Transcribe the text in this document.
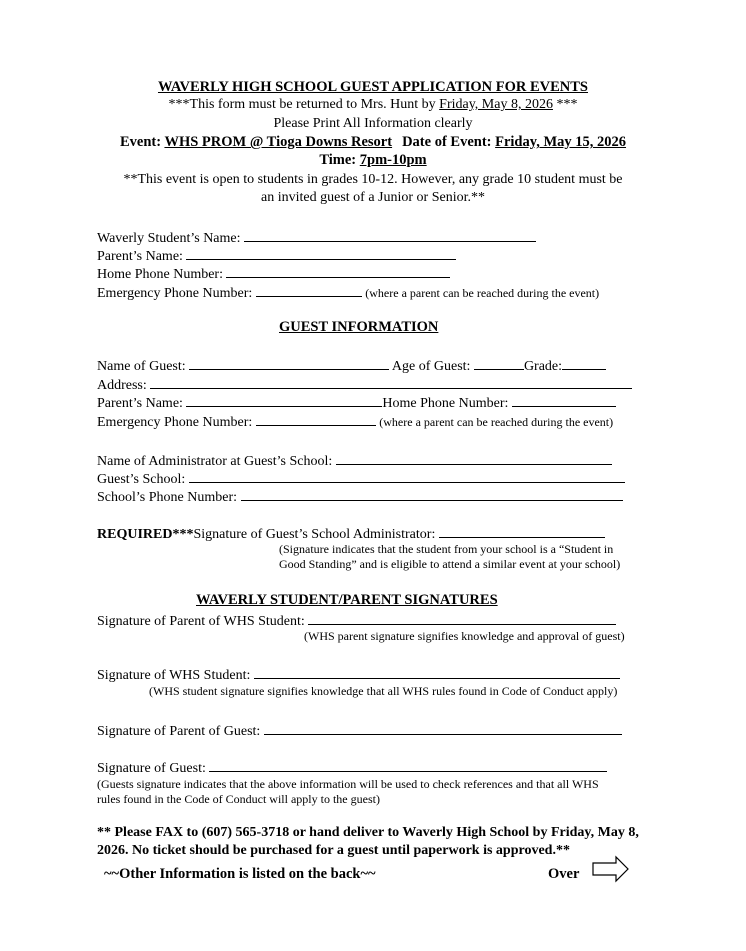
WAVERLY HIGH SCHOOL GUEST APPLICATION FOR EVENTS
***This form must be returned to Mrs. Hunt by Friday, May 8, 2026 ***
Please Print All Information clearly
Event: WHS PROM @ Tioga Downs Resort Date of Event: Friday, May 15, 2026
Time: 7pm-10pm
**This event is open to students in grades 10-12. However, any grade 10 student must be
an invited guest of a Junior or Senior.**
Waverly Student’s Name:
Parent’s Name:
Home Phone Number:
Emergency Phone Number:	(where a parent can be reached during the event)
GUEST INFORMATION
Name of Guest:	Age of Guest:	Grade:
Address:
Parent’s Name:	Home Phone Number:
Emergency Phone Number:	(where a parent can be reached during the event)
Name of Administrator at Guest’s School:
Guest’s School:
School’s Phone Number:
REQUIRED***Signature of Guest’s School Administrator:
(Signature indicates that the student from your school is a “Student in
Good Standing” and is eligible to attend a similar event at your school)
WAVERLY STUDENT/PARENT SIGNATURES
Signature of Parent of WHS Student:
(WHS parent signature signifies knowledge and approval of guest)
Signature of WHS Student:
(WHS student signature signifies knowledge that all WHS rules found in Code of Conduct apply)
Signature of Parent of Guest:
Signature of Guest:
(Guests signature indicates that the above information will be used to check references and that all WHS
rules found in the Code of Conduct will apply to the guest)
** Please FAX to (607) 565-3718 or hand deliver to Waverly High School by Friday, May 8,
2026. No ticket should be purchased for a guest until paperwork is approved.**
~~Other Information is listed on the back~~	Over
